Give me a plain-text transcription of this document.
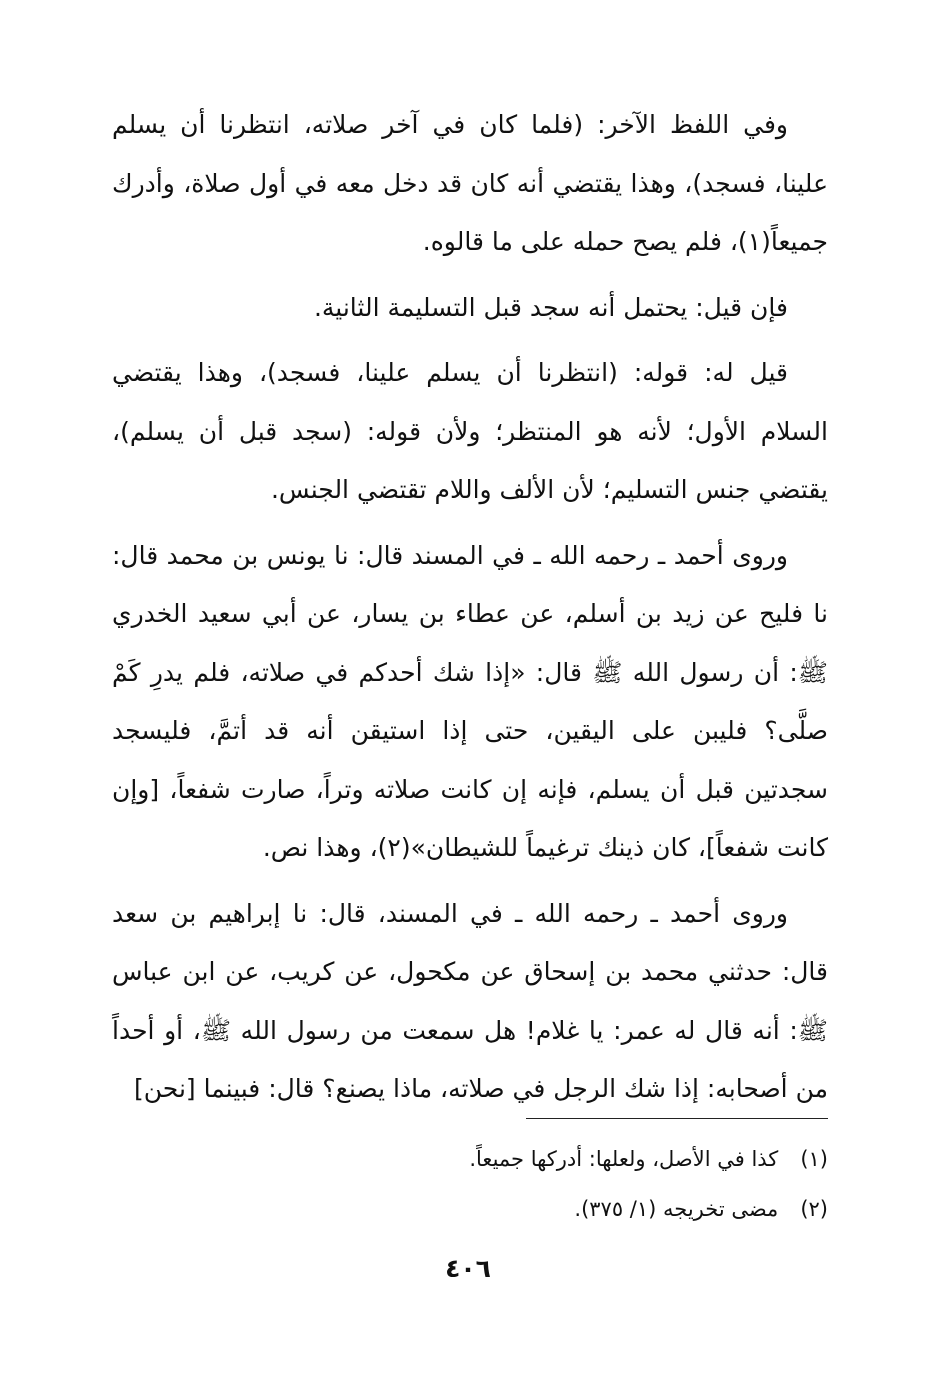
وفي اللفظ الآخر: (فلما كان في آخر صلاته، انتظرنا أن يسلم علينا، فسجد)، وهذا يقتضي أنه كان قد دخل معه في أول صلاة، وأدرك جميعاً(١)، فلم يصح حمله على ما قالوه.

فإن قيل: يحتمل أنه سجد قبل التسليمة الثانية.

قيل له: قوله: (انتظرنا أن يسلم علينا، فسجد)، وهذا يقتضي السلام الأول؛ لأنه هو المنتظر؛ ولأن قوله: (سجد قبل أن يسلم)، يقتضي جنس التسليم؛ لأن الألف واللام تقتضي الجنس.

وروى أحمد ـ رحمه الله ـ في المسند قال: نا يونس بن محمد قال: نا فليح عن زيد بن أسلم، عن عطاء بن يسار، عن أبي سعيد الخدري ﷺ: أن رسول الله ﷺ قال: «إذا شك أحدكم في صلاته، فلم يدرِ كَمْ صلَّى؟ فليبن على اليقين، حتى إذا استيقن أنه قد أتمَّ، فليسجد سجدتين قبل أن يسلم، فإنه إن كانت صلاته وتراً، صارت شفعاً، [وإن كانت شفعاً]، كان ذينك ترغيماً للشيطان»(٢)، وهذا نص.

وروى أحمد ـ رحمه الله ـ في المسند، قال: نا إبراهيم بن سعد قال: حدثني محمد بن إسحاق عن مكحول، عن كريب، عن ابن عباس ﷺ: أنه قال له عمر: يا غلام! هل سمعت من رسول الله ﷺ، أو أحداً من أصحابه: إذا شك الرجل في صلاته، ماذا يصنع؟ قال: فبينما [نحن]

(١)كذا في الأصل، ولعلها: أدركها جميعاً.
(٢)مضى تخريجه (١/ ٣٧٥).
٤٠٦
